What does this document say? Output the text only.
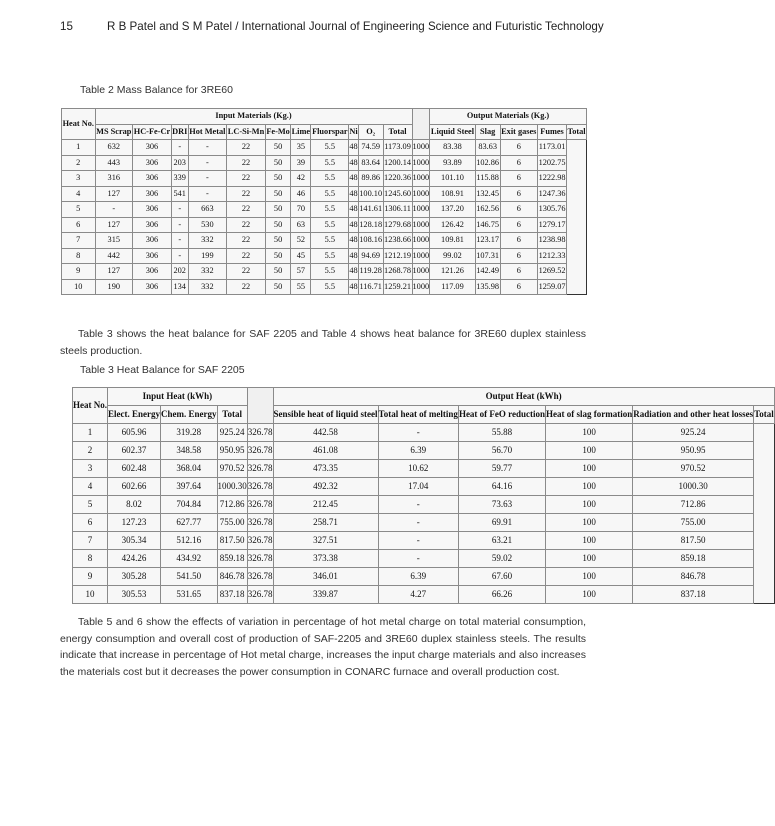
15	R B Patel and S M Patel / International Journal of Engineering Science and Futuristic Technology
Table 2 Mass Balance for 3RE60
Heat No.	Input Materials (Kg.)												Output Materials (Kg.)				
	MS Scrap	HC-Fe-Cr	DRI	Hot Metal	LC-Si-Mn	Fe-Mo	Lime	Fluorspar	Ni	O₂	Total		Liquid Steel	Slag	Exit gases	Fumes	Total
1	632	306	-	-	22	50	35	5.5	48	74.59	1173.09	1000	83.38	83.63	6	1173.01	
2	443	306	203	-	22	50	39	5.5	48	83.64	1200.14	1000	93.89	102.86	6	1202.75	
3	316	306	339	-	22	50	42	5.5	48	89.86	1220.36	1000	101.10	115.88	6	1222.98	
4	127	306	541	-	22	50	46	5.5	48	100.10	1245.60	1000	108.91	132.45	6	1247.36	
5	-	306	-	663	22	50	70	5.5	48	141.61	1306.11	1000	137.20	162.56	6	1305.76	
6	127	306	-	530	22	50	63	5.5	48	128.18	1279.68	1000	126.42	146.75	6	1279.17	
7	315	306	-	332	22	50	52	5.5	48	108.16	1238.66	1000	109.81	123.17	6	1238.98	
8	442	306	-	199	22	50	45	5.5	48	94.69	1212.19	1000	99.02	107.31	6	1212.33	
9	127	306	202	332	22	50	57	5.5	48	119.28	1268.78	1000	121.26	142.49	6	1269.52	
10	190	306	134	332	22	50	55	5.5	48	116.71	1259.21	1000	117.09	135.98	6	1259.07	
Table 3 shows the heat balance for SAF 2205 and Table 4 shows heat balance for 3RE60 duplex stainless steels production.
Table 3 Heat Balance for SAF 2205
Heat No.	Input Heat (kWh)				Output Heat (kWh)					
	Elect. Energy	Chem. Energy	Total		Sensible heat of liquid steel	Total heat of melting	Heat of FeO reduction	Heat of slag formation	Radiation and other heat losses	Total
1	605.96	319.28	925.24	326.78	442.58	-	55.88	100	925.24	
2	602.37	348.58	950.95	326.78	461.08	6.39	56.70	100	950.95	
3	602.48	368.04	970.52	326.78	473.35	10.62	59.77	100	970.52	
4	602.66	397.64	1000.30	326.78	492.32	17.04	64.16	100	1000.30	
5	8.02	704.84	712.86	326.78	212.45	-	73.63	100	712.86	
6	127.23	627.77	755.00	326.78	258.71	-	69.91	100	755.00	
7	305.34	512.16	817.50	326.78	327.51	-	63.21	100	817.50	
8	424.26	434.92	859.18	326.78	373.38	-	59.02	100	859.18	
9	305.28	541.50	846.78	326.78	346.01	6.39	67.60	100	846.78	
10	305.53	531.65	837.18	326.78	339.87	4.27	66.26	100	837.18	
Table 5 and 6 show the effects of variation in percentage of hot metal charge on total material consumption, energy consumption and overall cost of production of SAF-2205 and 3RE60 duplex stainless steels. The results indicate that increase in percentage of Hot metal charge, increases the input charge materials and also increases the materials cost but it decreases the power consumption in CONARC furnace and overall production cost.
